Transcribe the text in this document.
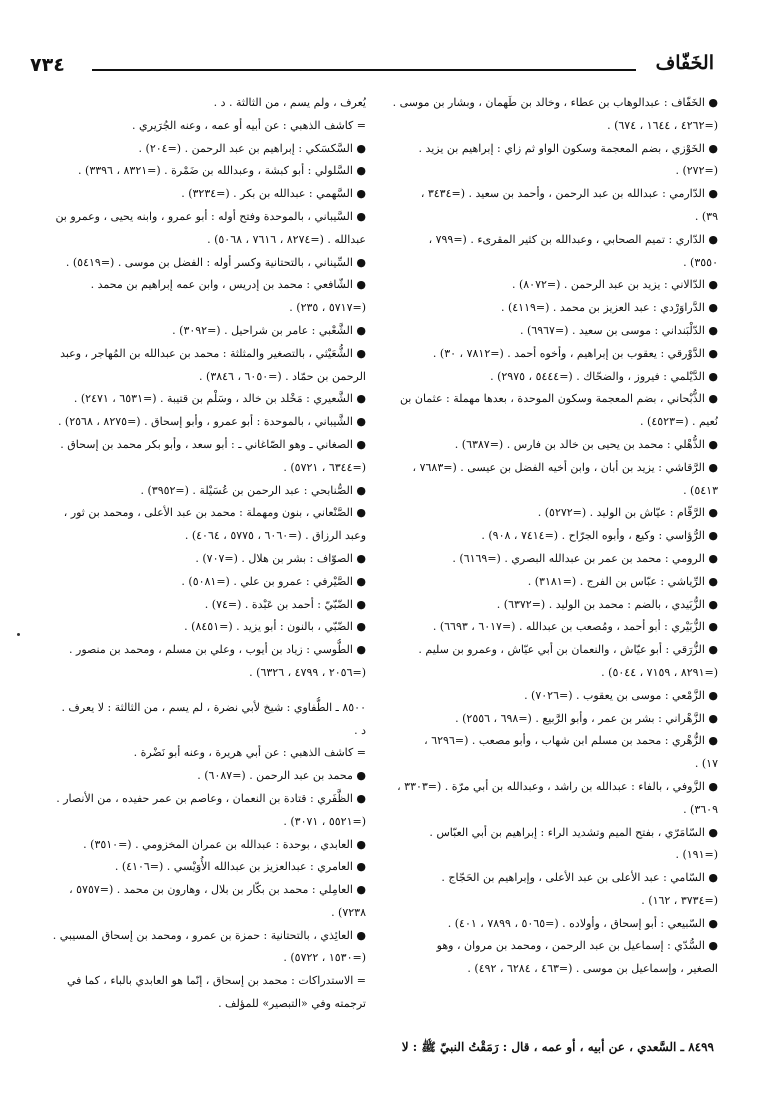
٧٣٤	الخَفّاف
● الخَفّاف : عبدالوهاب بن عطاء ، وخالد بن طَهمان ، وبشار بن موسى .
(=٤٢٦٢ ، ١٦٤٤ ، ٦٧٤) .
● الخَوْزي ، بضم المعجمة وسكون الواو ثم زاي : إبراهيم بن يزيد .
(=٢٧٢) .
● الدّارمي : عبدالله بن عبد الرحمن ، وأحمد بن سعيد . (=٣٤٣٤ ،
٣٩) .
● الدّاري : تميم الصحابي ، وعبدالله بن كثير المقرىء . (=٧٩٩ ،
٣٥٥٠) .
● الدّالاني : يزيد بن عبد الرحمن . (=٨٠٧٢) .
● الدَّراوَرْدي : عبد العزيز بن محمد . (=٤١١٩) .
● الدّلْبَنداني : موسى بن سعيد . (=٦٩٦٧) .
● الدَّوْرقي : يعقوب بن إبراهيم ، وأخوه أحمد . (=٧٨١٢ ، ٣٠) .
● الدَّيْلمي : فيروز ، والضحّاك . (=٥٤٤٤ ، ٢٩٧٥) .
● الذُّبْحاني ، بضم المعجمة وسكون الموحدة ، بعدها مهملة : عثمان بن
نُعيم . (=٤٥٢٣) .
● الذُّهْلي : محمد بن يحيى بن خالد بن فارس . (=٦٣٨٧) .
● الرَّقاشي : يزيد بن أبان ، وابن أخيه الفضل بن عيسى . (=٧٦٨٣ ،
٥٤١٣) .
● الرَّقّام : عيّاش بن الوليد . (=٥٢٧٢) .
● الرُّؤاسي : وكيع ، وأبوه الجرّاح . (=٧٤١٤ ، ٩٠٨) .
● الرومي : محمد بن عمر بن عبدالله البصري . (=٦١٦٩) .
● الرِّياشي : عبّاس بن الفرج . (=٣١٨١) .
● الزُّبَيدي ، بالضم : محمد بن الوليد . (=٦٣٧٢) .
● الزُّبَيْري : أبو أحمد ، ومُصعب بن عبدالله . (=٦٠١٧ ، ٦٦٩٣) .
● الزُّرَقي : أبو عيّاش ، والنعمان بن أبي عيّاش ، وعمرو بن سليم .
(=٨٢٩١ ، ٧١٥٩ ، ٥٠٤٤) .
● الزَّمْعي : موسى بن يعقوب . (=٧٠٢٦) .
● الزَّهْراني : بشر بن عمر ، وأبو الرَّبيع . (=٦٩٨ ، ٢٥٥٦) .
● الزُّهْري : محمد بن مسلم ابن شهاب ، وأبو مصعب . (=٦٢٩٦ ،
١٧) .
● الزَّوفي ، بالفاء : عبدالله بن راشد ، وعبدالله بن أبي مرّة . (=٣٣٠٣ ،
٣٦٠٩) .
● السّامَرّي ، بفتح الميم وتشديد الراء : إبراهيم بن أبي العبّاس .
(=١٩١) .
● السّامي : عبد الأعلى بن عبد الأعلى ، وإبراهيم بن الحَجّاج .
(=٣٧٣٤ ، ١٦٢) .
● السّبيعي : أبو إسحاق ، وأولاده . (=٥٠٦٥ ، ٧٨٩٩ ، ٤٠١) .
● السُّدّي : إسماعيل بن عبد الرحمن ، ومحمد بن مروان ، وهو
الصغير ، وإسماعيل بن موسى . (=٤٦٣ ، ٦٢٨٤ ، ٤٩٢) .
يُعرف ، ولم يسم ، من الثالثة . د .
= كاشف الذهبي : عن أبيه أو عمه ، وعنه الجُرَيري .
● السَّكسَكي : إبراهيم بن عبد الرحمن . (=٢٠٤) .
● السَّلولي : أبو كبشة ، وعبدالله بن ضَمْرة . (=٨٣٢١ ، ٣٣٩٦) .
● السَّهمي : عبدالله بن بكر . (=٣٢٣٤) .
● السَّيباني ، بالموحدة وفتح أوله : أبو عمرو ، وابنه يحيى ، وعمرو بن
عبدالله . (=٨٢٧٤ ، ٧٦١٦ ، ٥٠٦٨) .
● السِّيناني ، بالتحتانية وكسر أوله : الفضل بن موسى . (=٥٤١٩) .
● الشّافعي : محمد بن إدريس ، وابن عمه إبراهيم بن محمد .
(=٥٧١٧ ، ٢٣٥) .
● الشَّعْبي : عامر بن شراحيل . (=٣٠٩٢) .
● الشُّعَيْثي ، بالتصغير والمثلثة : محمد بن عبدالله بن المُهاجر ، وعبد
الرحمن بن حمّاد . (=٦٠٥٠ ، ٣٨٤٦) .
● الشَّعيري : مَخْلد بن خالد ، وسَلْم بن قتيبة . (=٦٥٣١ ، ٢٤٧١) .
● الشَّيباني ، بالموحدة : أبو عمرو ، وأبو إسحاق . (=٨٢٧٥ ، ٢٥٦٨) .
● الصغاني ـ وهو الصّاغاني ـ : أبو سعد ، وأبو بكر محمد بن إسحاق .
(=٦٣٤٤ ، ٥٧٢١) .
● الصُّنابحي : عبد الرحمن بن عُسَيْلة . (=٣٩٥٢) .
● الصَّنْعاني ، بنون ومهملة : محمد بن عبد الأعلى ، ومحمد بن ثور ،
وعبد الرزاق . (=٦٠٦٠ ، ٥٧٧٥ ، ٤٠٦٤) .
● الصوّاف : بشر بن هلال . (=٧٠٧) .
● الصَّيْرفي : عمرو بن علي . (=٥٠٨١) .
● الضّبّيّ : أحمد بن عَبْدة . (=٧٤) .
● الضّبّي ، بالنون : أبو يزيد . (=٨٤٥١) .
● الطُّوسي : زياد بن أيوب ، وعلي بن مسلم ، ومحمد بن منصور .
(=٢٠٥٦ ، ٤٧٩٩ ، ٦٣٢٦) .
٨٥٠٠ ـ الطُّفاوي : شيخ لأبي نضرة ، لم يسم ، من الثالثة : لا يعرف .
د .
= كاشف الذهبي : عن أبي هريرة ، وعنه أبو نَضْرة .
● محمد بن عبد الرحمن . (=٦٠٨٧) .
● الظَّفَري : قتادة بن النعمان ، وعاصم بن عمر حفيده ، من الأنصار .
(=٥٥٢١ ، ٣٠٧١) .
● العابدي ، بوحدة : عبدالله بن عمران المخزومي . (=٣٥١٠) .
● العامري : عبدالعزيز بن عبدالله الأُوَيْسي . (=٤١٠٦) .
● العامِلي : محمد بن بكّار بن بلال ، وهارون بن محمد . (=٥٧٥٧ ،
٧٢٣٨) .
● العائِذي ، بالتحتانية : حمزة بن عمرو ، ومحمد بن إسحاق المسيبي .
(=١٥٣٠ ، ٥٧٢٢) .
= الاستدراكات : محمد بن إسحاق ، إنّما هو العابدي بالباء ، كما في
ترجمته وفي «التبصير» للمؤلف .
٨٤٩٩ ـ السَّعدي ، عن أبيه ، أو عمه ، قال : رَمَقْتُ النبيّ ﷺ : لا
